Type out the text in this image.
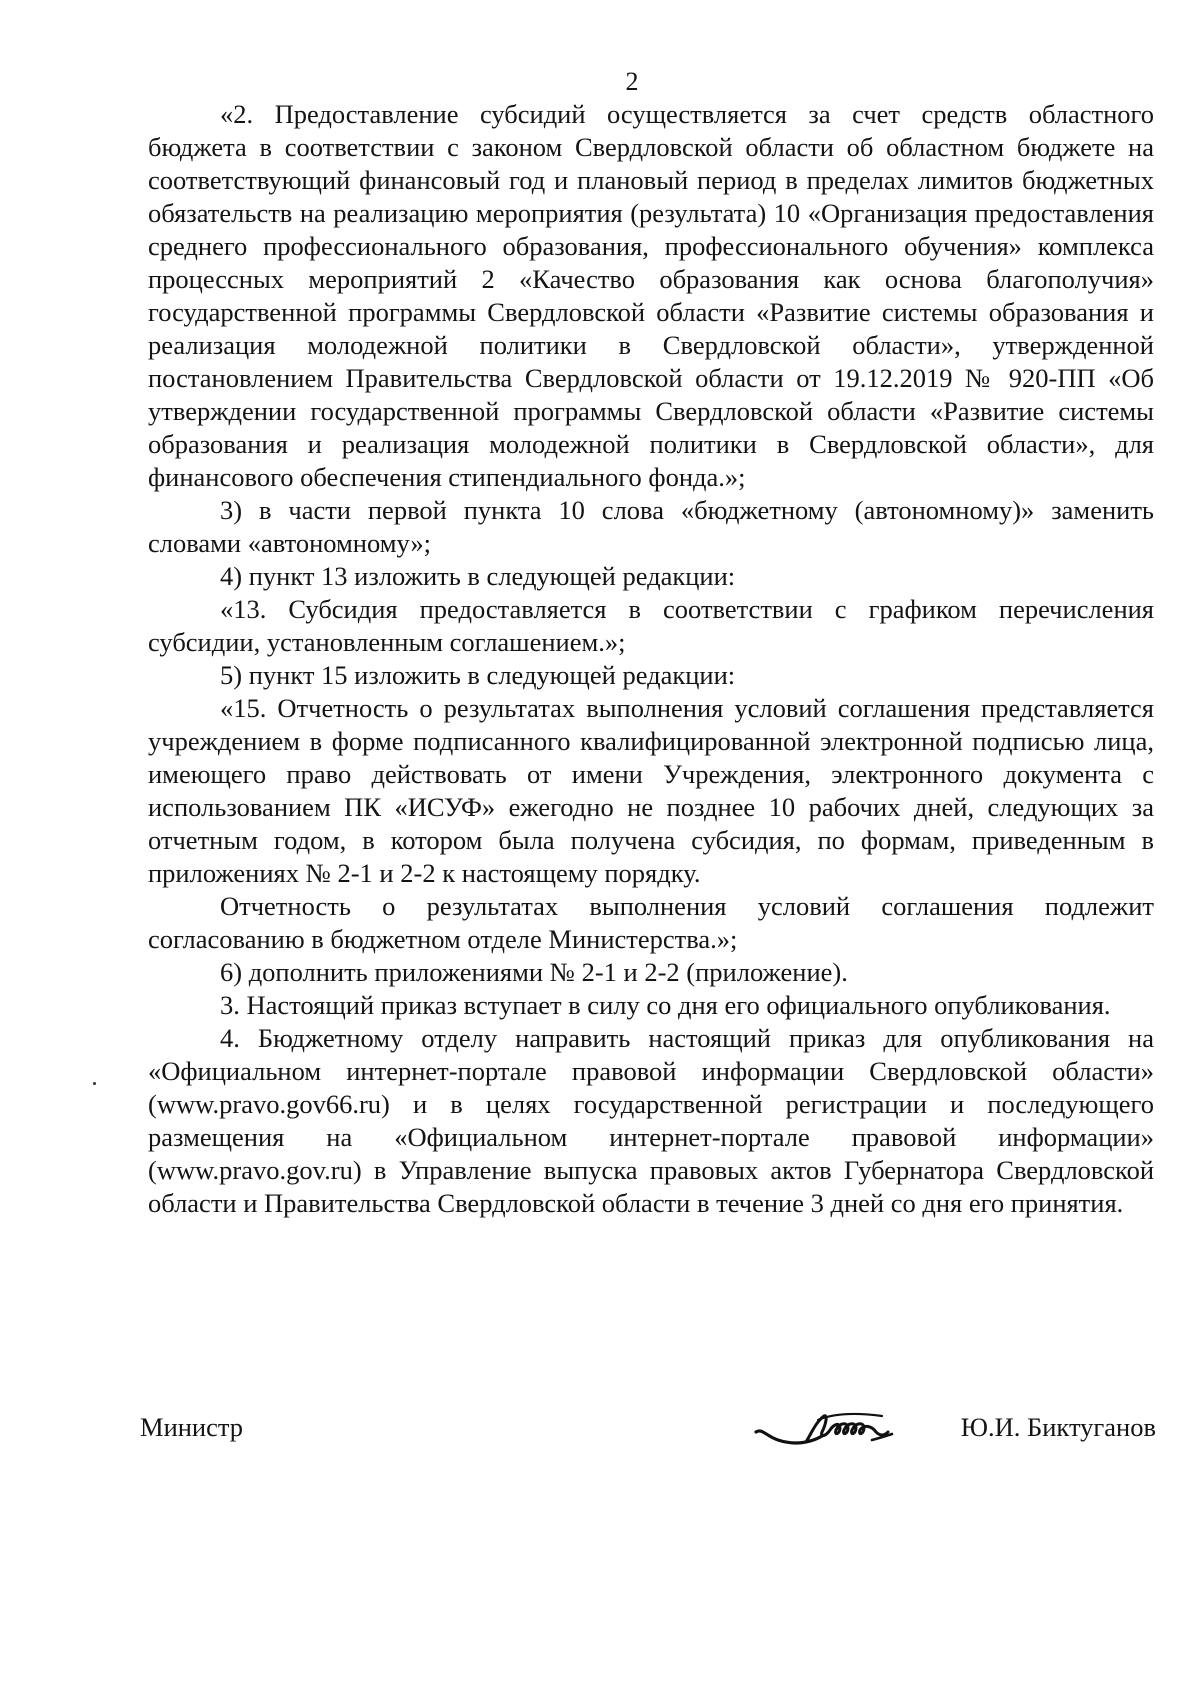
2

«2. Предоставление субсидий осуществляется за счет средств областного бюджета в соответствии с законом Свердловской области об областном бюджете на соответствующий финансовый год и плановый период в пределах лимитов бюджетных обязательств на реализацию мероприятия (результата) 10 «Организация предоставления среднего профессионального образования, профессионального обучения» комплекса процессных мероприятий 2 «Качество образования как основа благополучия» государственной программы Свердловской области «Развитие системы образования и реализация молодежной политики в Свердловской области», утвержденной постановлением Правительства Свердловской области от 19.12.2019 № 920-ПП «Об утверждении государственной программы Свердловской области «Развитие системы образования и реализация молодежной политики в Свердловской области», для финансового обеспечения стипендиального фонда.»;

3) в части первой пункта 10 слова «бюджетному (автономному)» заменить словами «автономному»;

4) пункт 13 изложить в следующей редакции:

«13. Субсидия предоставляется в соответствии с графиком перечисления субсидии, установленным соглашением.»;

5) пункт 15 изложить в следующей редакции:

«15. Отчетность о результатах выполнения условий соглашения представляется учреждением в форме подписанного квалифицированной электронной подписью лица, имеющего право действовать от имени Учреждения, электронного документа с использованием ПК «ИСУФ» ежегодно не позднее 10 рабочих дней, следующих за отчетным годом, в котором была получена субсидия, по формам, приведенным в приложениях № 2-1 и 2-2 к настоящему порядку.

Отчетность о результатах выполнения условий соглашения подлежит согласованию в бюджетном отделе Министерства.»;

6) дополнить приложениями № 2-1 и 2-2 (приложение).

3. Настоящий приказ вступает в силу со дня его официального опубликования.

4. Бюджетному отделу направить настоящий приказ для опубликования на «Официальном интернет-портале правовой информации Свердловской области» (www.pravo.gov66.ru) и в целях государственной регистрации и последующего размещения на «Официальном интернет-портале правовой информации» (www.pravo.gov.ru) в Управление выпуска правовых актов Губернатора Свердловской области и Правительства Свердловской области в течение 3 дней со дня его принятия.

Министр	Ю.И. Биктуганов
